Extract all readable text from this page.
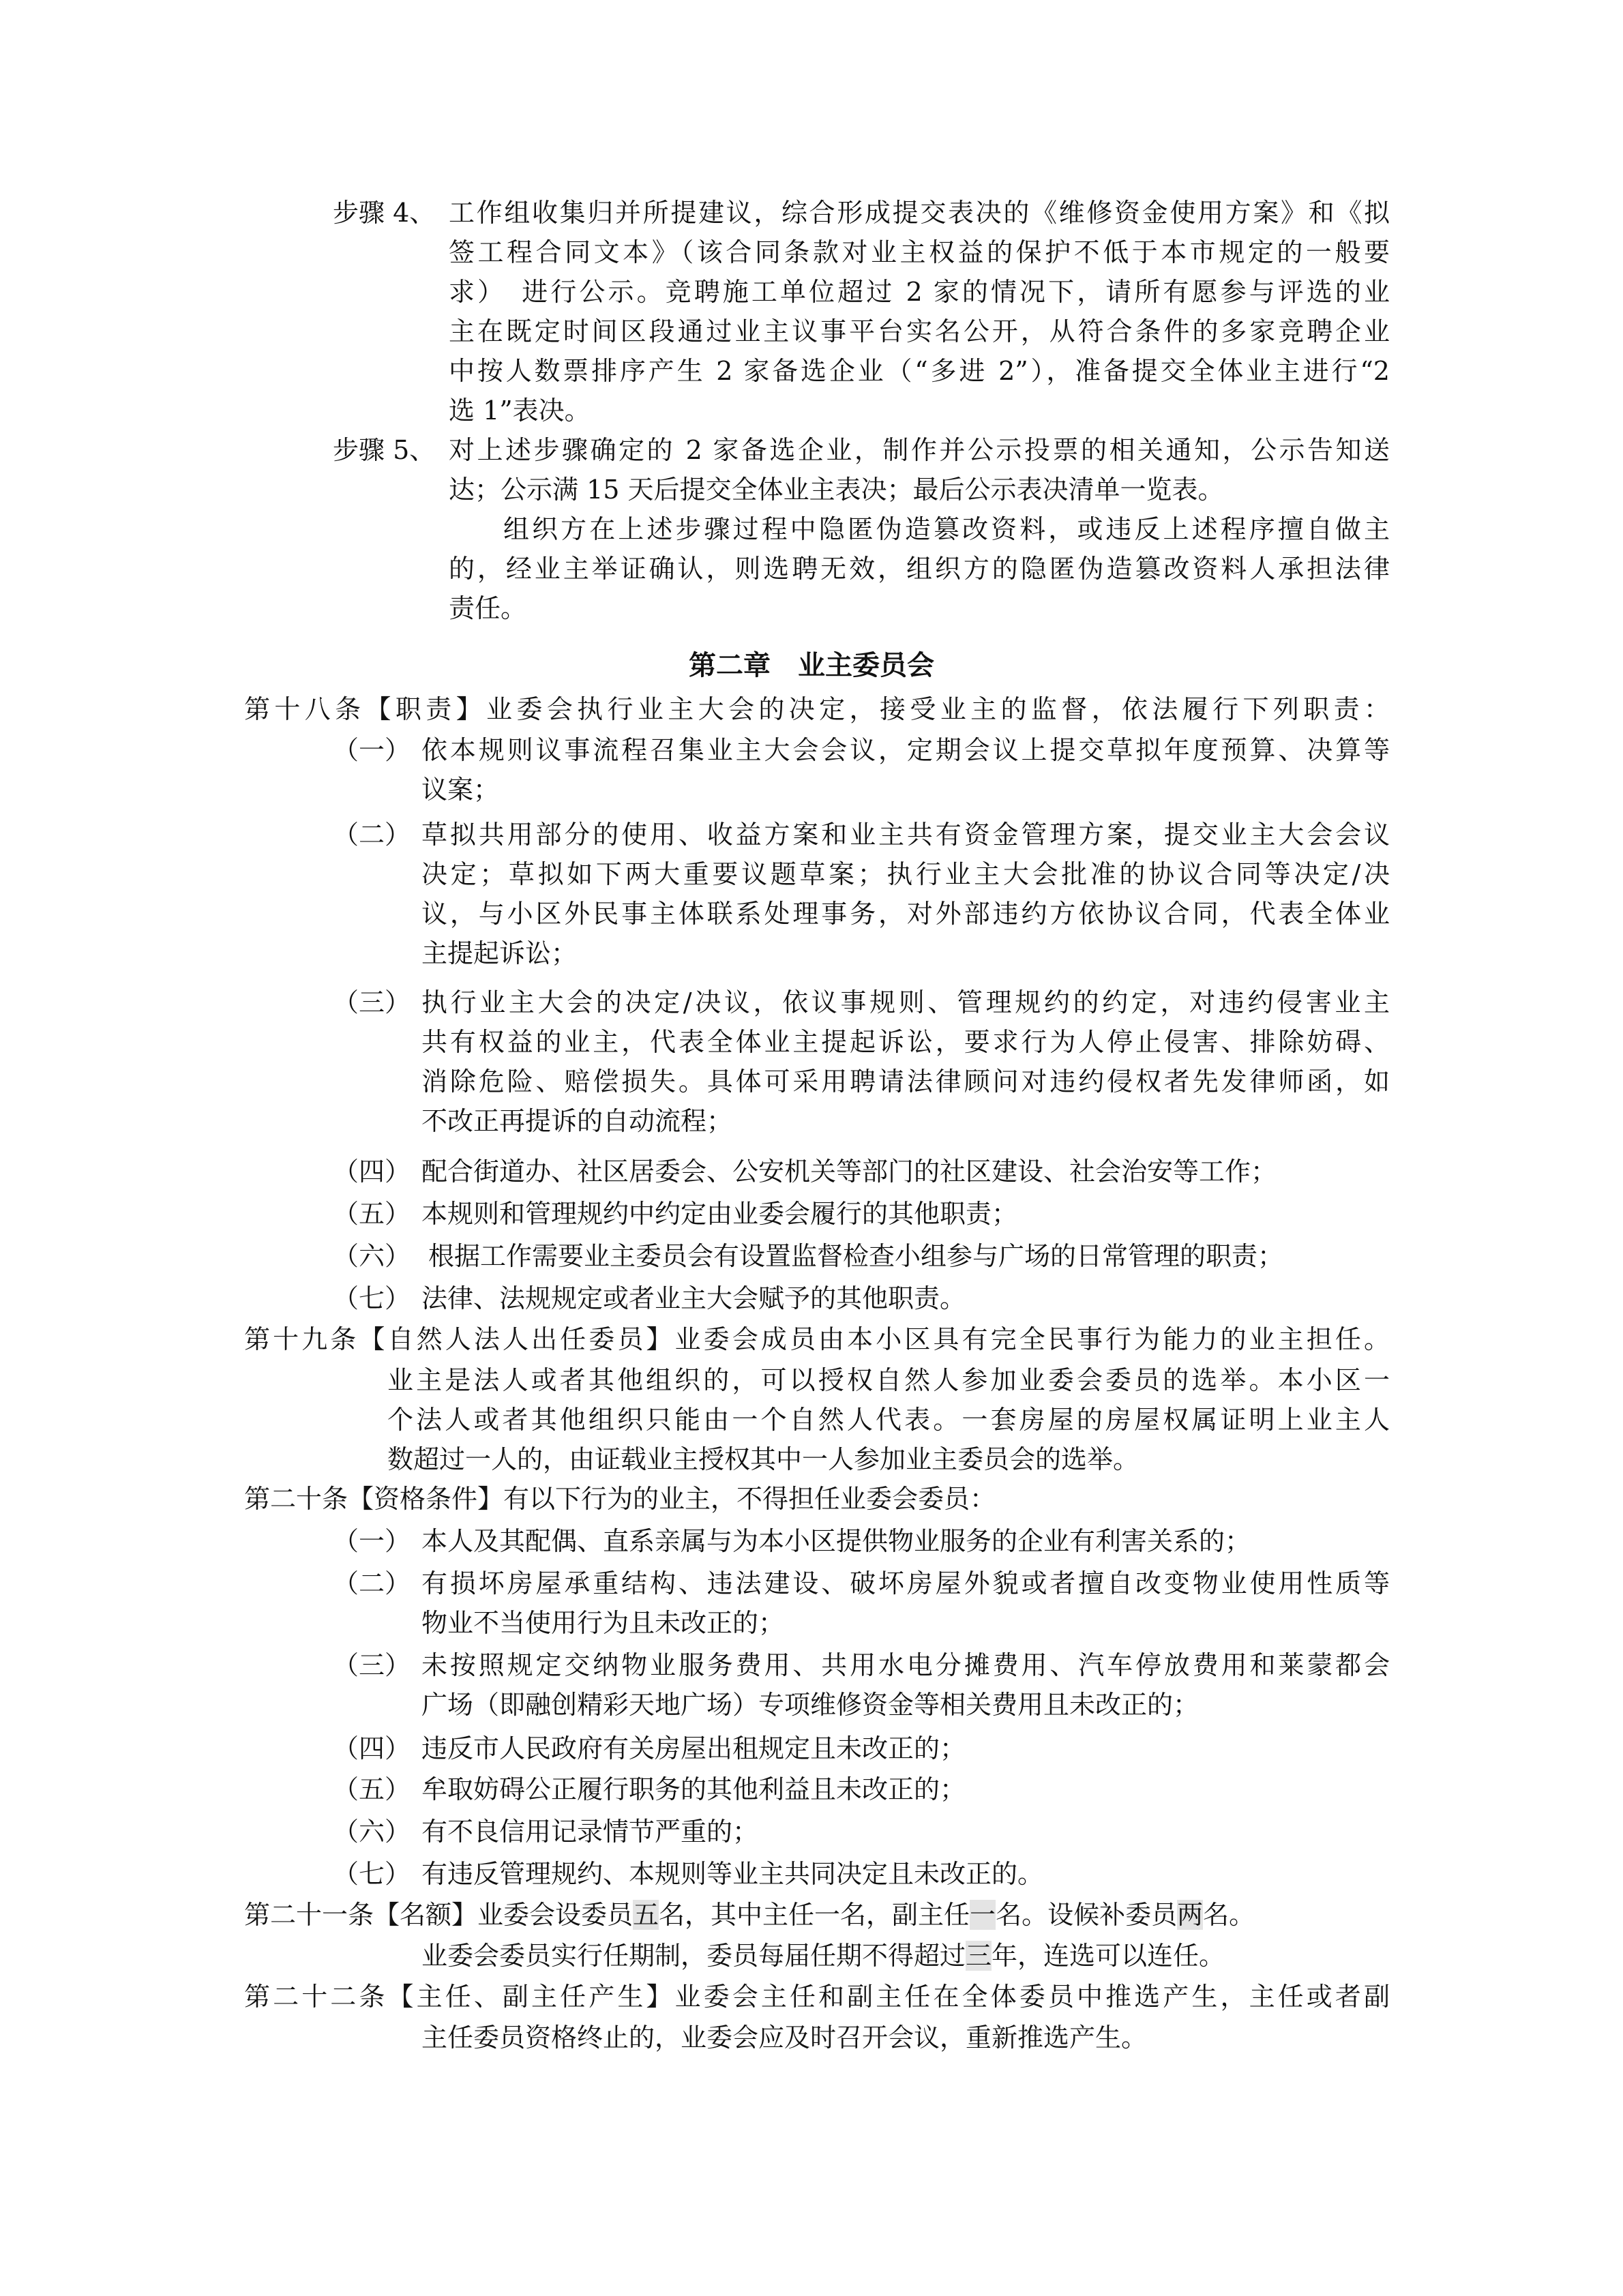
步骤 4、 工作组收集归并所提建议，综合形成提交表决的《维修资金使用方案》和《拟
签工程合同文本》（该合同条款对业主权益的保护不低于本市规定的一般要
求）　进行公示。竞聘施工单位超过 2 家的情况下，请所有愿参与评选的业
主在既定时间区段通过业主议事平台实名公开，从符合条件的多家竞聘企业
中按人数票排序产生 2 家备选企业（“多进 2”），准备提交全体业主进行“2
选 1”表决。
步骤 5、 对上述步骤确定的 2 家备选企业，制作并公示投票的相关通知，公示告知送
达；公示满 15 天后提交全体业主表决；最后公示表决清单一览表。
组织方在上述步骤过程中隐匿伪造篡改资料，或违反上述程序擅自做主
的，经业主举证确认，则选聘无效，组织方的隐匿伪造篡改资料人承担法律
责任。
第二章　业主委员会
第十八条【职责】业委会执行业主大会的决定，接受业主的监督，依法履行下列职责：
（一） 依本规则议事流程召集业主大会会议，定期会议上提交草拟年度预算、决算等
议案；
（二） 草拟共用部分的使用、收益方案和业主共有资金管理方案，提交业主大会会议
决定；草拟如下两大重要议题草案；执行业主大会批准的协议合同等决定/决
议，与小区外民事主体联系处理事务，对外部违约方依协议合同，代表全体业
主提起诉讼；
（三） 执行业主大会的决定/决议，依议事规则、管理规约的约定，对违约侵害业主
共有权益的业主，代表全体业主提起诉讼，要求行为人停止侵害、排除妨碍、
消除危险、赔偿损失。具体可采用聘请法律顾问对违约侵权者先发律师函，如
不改正再提诉的自动流程；
（四） 配合街道办、社区居委会、公安机关等部门的社区建设、社会治安等工作；
（五） 本规则和管理规约中约定由业委会履行的其他职责；
（六） 根据工作需要业主委员会有设置监督检查小组参与广场的日常管理的职责；
（七） 法律、法规规定或者业主大会赋予的其他职责。
第十九条【自然人法人出任委员】业委会成员由本小区具有完全民事行为能力的业主担任。
业主是法人或者其他组织的，可以授权自然人参加业委会委员的选举。本小区一
个法人或者其他组织只能由一个自然人代表。一套房屋的房屋权属证明上业主人
数超过一人的，由证载业主授权其中一人参加业主委员会的选举。
第二十条【资格条件】有以下行为的业主，不得担任业委会委员：
（一） 本人及其配偶、直系亲属与为本小区提供物业服务的企业有利害关系的；
（二） 有损坏房屋承重结构、违法建设、破坏房屋外貌或者擅自改变物业使用性质等
物业不当使用行为且未改正的；
（三） 未按照规定交纳物业服务费用、共用水电分摊费用、汽车停放费用和莱蒙都会
广场（即融创精彩天地广场）专项维修资金等相关费用且未改正的；
（四） 违反市人民政府有关房屋出租规定且未改正的；
（五） 牟取妨碍公正履行职务的其他利益且未改正的；
（六） 有不良信用记录情节严重的；
（七） 有违反管理规约、本规则等业主共同决定且未改正的。
第二十一条【名额】业委会设委员五名，其中主任一名，副主任一名。设候补委员两名。
业委会委员实行任期制，委员每届任期不得超过三年，连选可以连任。
第二十二条【主任、副主任产生】业委会主任和副主任在全体委员中推选产生，主任或者副
主任委员资格终止的，业委会应及时召开会议，重新推选产生。
